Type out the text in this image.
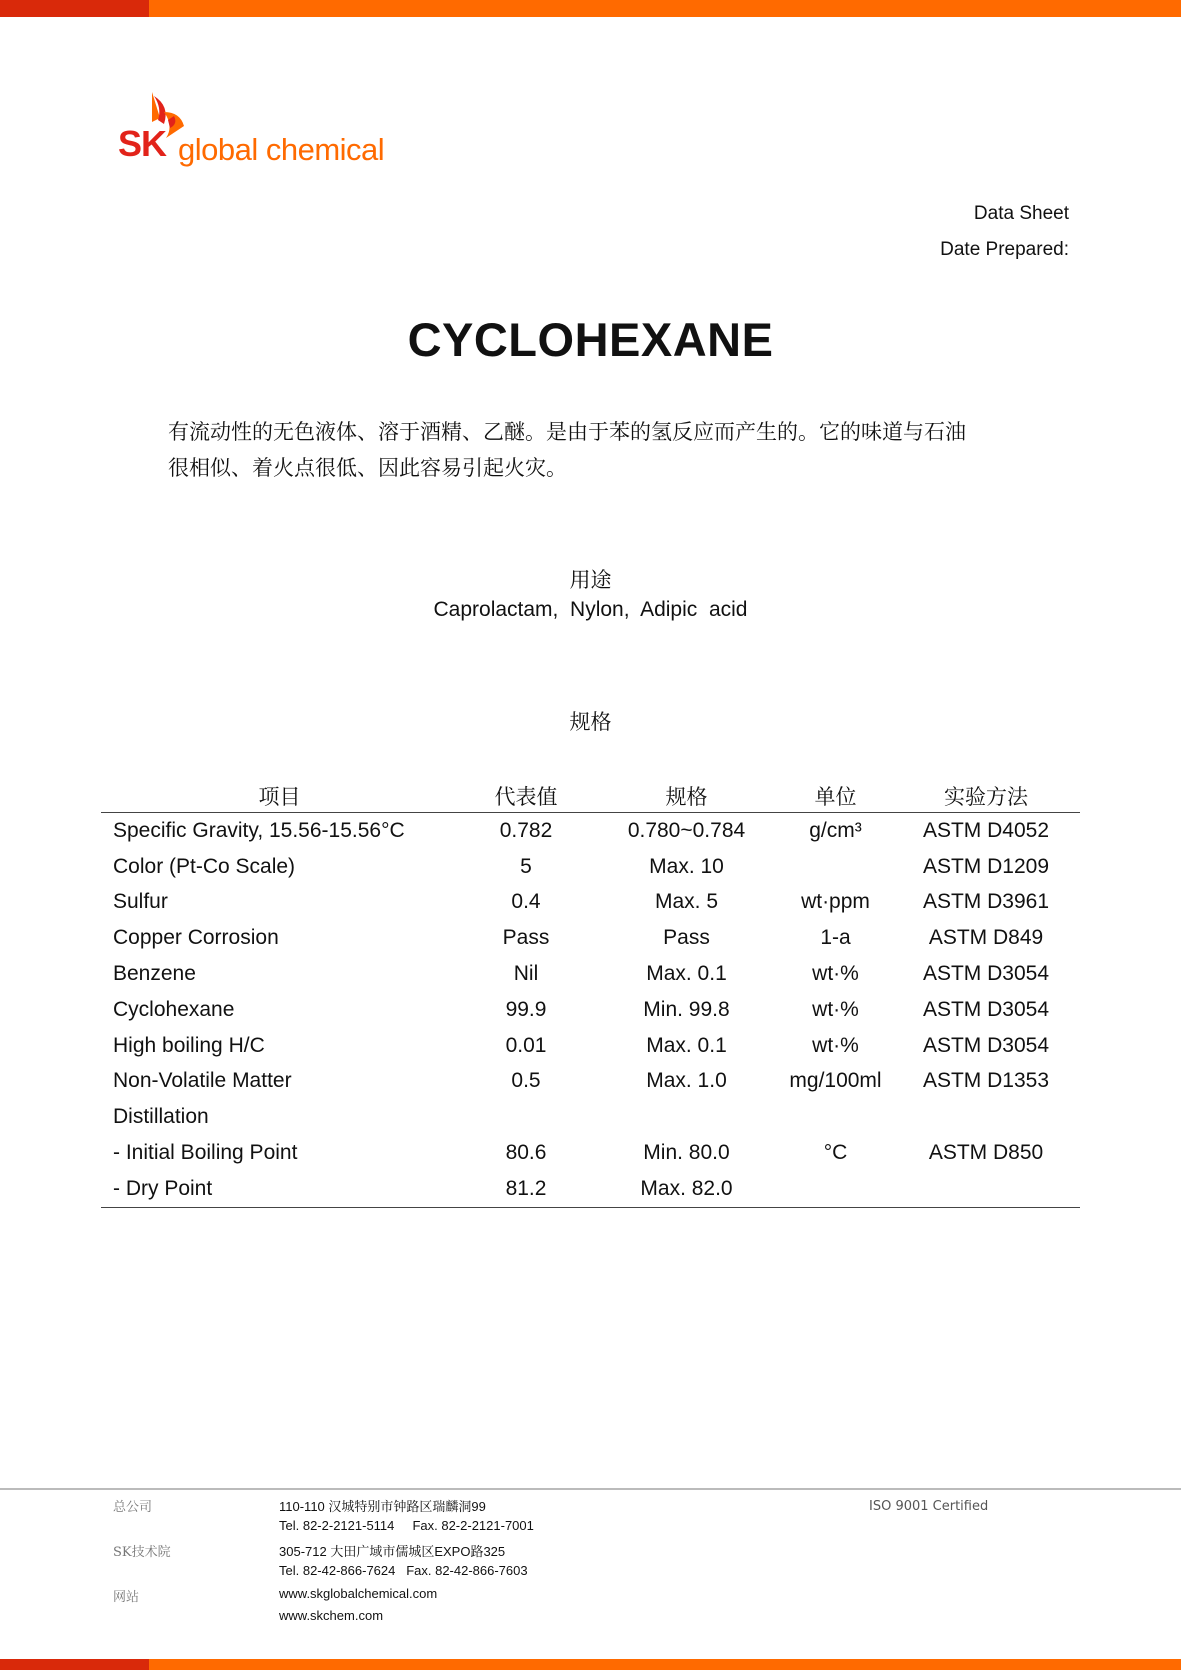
SK global chemical
Data Sheet
Date Prepared:
CYCLOHEXANE
有流动性的无色液体、溶于酒精、乙醚。是由于苯的氢反应而产生的。它的味道与石油
很相似、着火点很低、因此容易引起火灾。
用途
Caprolactam,  Nylon,  Adipic  acid
规格
项目	代表值	规格	单位	实验方法
Specific Gravity, 15.56-15.56°C	0.782	0.780~0.784	g/cm³	ASTM D4052
Color (Pt-Co Scale)	5	Max. 10		ASTM D1209
Sulfur	0.4	Max. 5	wt·ppm	ASTM D3961
Copper Corrosion	Pass	Pass	1-a	ASTM D849
Benzene	Nil	Max. 0.1	wt·%	ASTM D3054
Cyclohexane	99.9	Min. 99.8	wt·%	ASTM D3054
High boiling H/C	0.01	Max. 0.1	wt·%	ASTM D3054
Non-Volatile Matter	0.5	Max. 1.0	mg/100ml	ASTM D1353
Distillation				
- Initial Boiling Point	80.6	Min. 80.0	°C	ASTM D850
- Dry Point	81.2	Max. 82.0		
总公司	110-110 汉城特别市钟路区瑞麟洞99
Tel. 82-2-2121-5114     Fax. 82-2-2121-7001
SK技术院	305-712 大田广域市儒城区EXPO路325
Tel. 82-42-866-7624   Fax. 82-42-866-7603
网站	www.skglobalchemical.com
www.skchem.com
ISO 9001 Certified
